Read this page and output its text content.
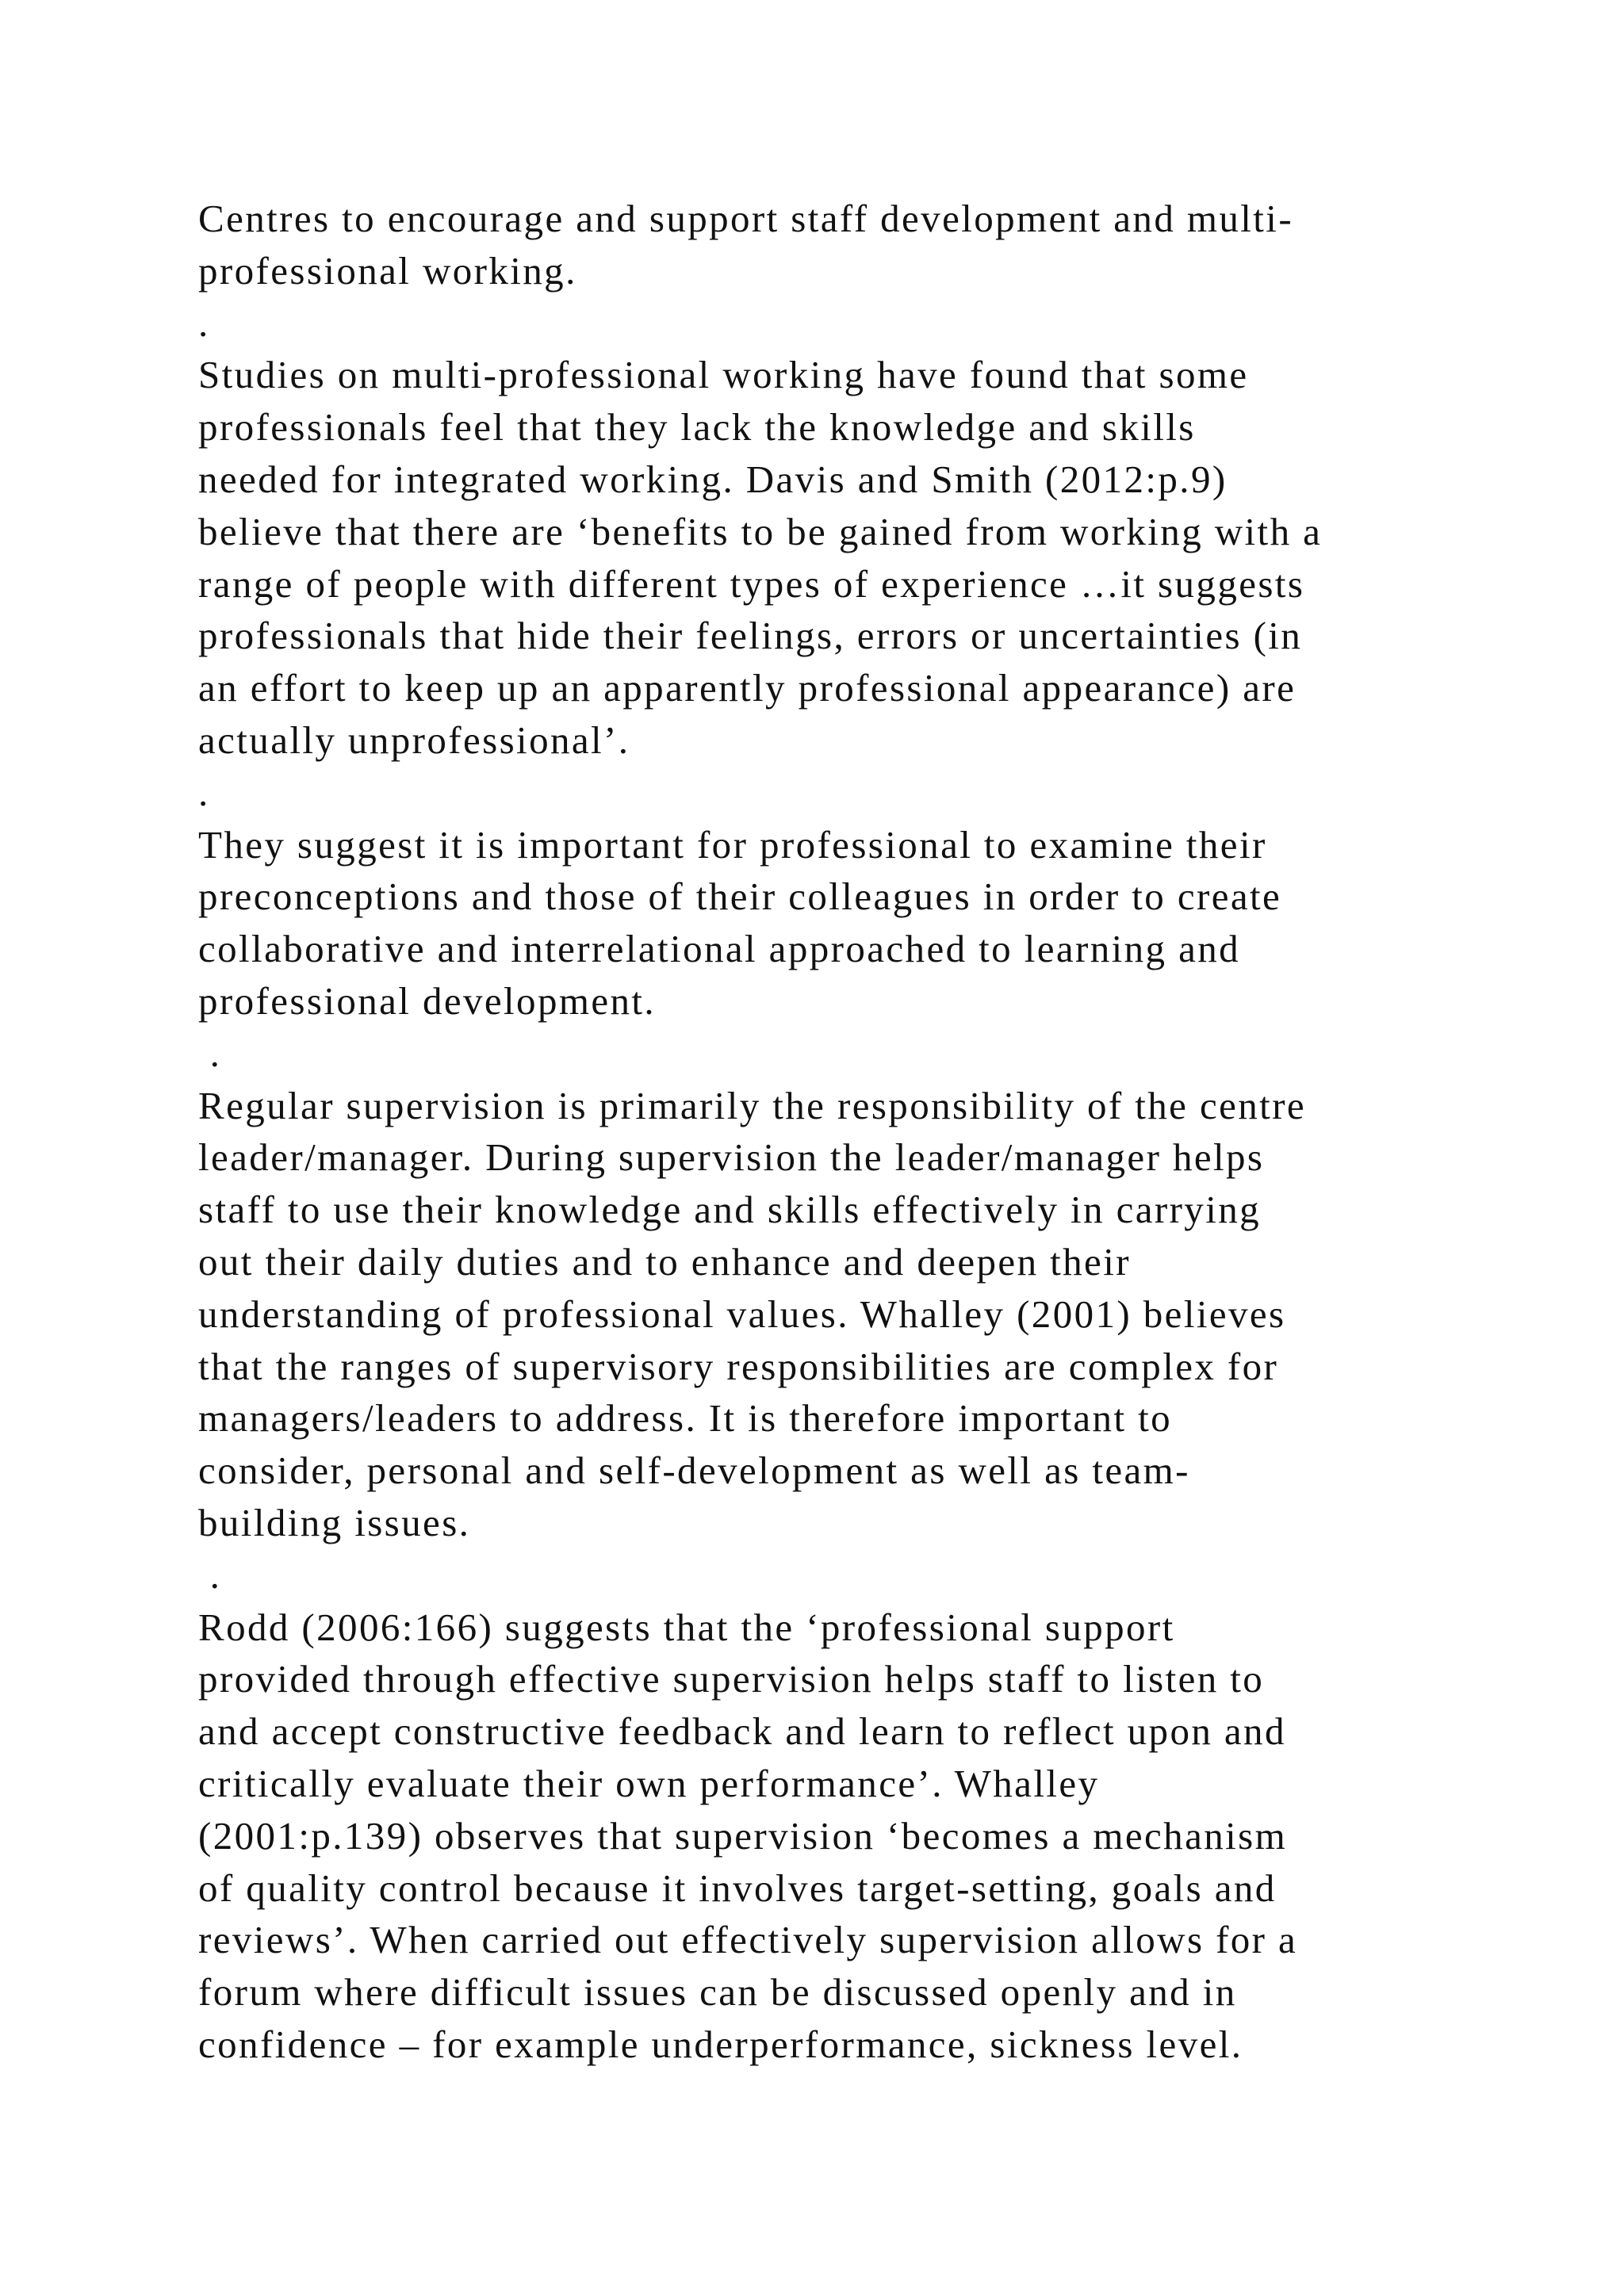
Centres to encourage and support staff development and multi-
professional working.
.
Studies on multi-professional working have found that some
professionals feel that they lack the knowledge and skills
needed for integrated working. Davis and Smith (2012:p.9)
believe that there are ‘benefits to be gained from working with a
range of people with different types of experience …it suggests
professionals that hide their feelings, errors or uncertainties (in
an effort to keep up an apparently professional appearance) are
actually unprofessional’.
.
They suggest it is important for professional to examine their
preconceptions and those of their colleagues in order to create
collaborative and interrelational approached to learning and
professional development.
.
Regular supervision is primarily the responsibility of the centre
leader/manager. During supervision the leader/manager helps
staff to use their knowledge and skills effectively in carrying
out their daily duties and to enhance and deepen their
understanding of professional values. Whalley (2001) believes
that the ranges of supervisory responsibilities are complex for
managers/leaders to address. It is therefore important to
consider, personal and self-development as well as team-
building issues.
.
Rodd (2006:166) suggests that the ‘professional support
provided through effective supervision helps staff to listen to
and accept constructive feedback and learn to reflect upon and
critically evaluate their own performance’. Whalley
(2001:p.139) observes that supervision ‘becomes a mechanism
of quality control because it involves target-setting, goals and
reviews’. When carried out effectively supervision allows for a
forum where difficult issues can be discussed openly and in
confidence – for example underperformance, sickness level.
